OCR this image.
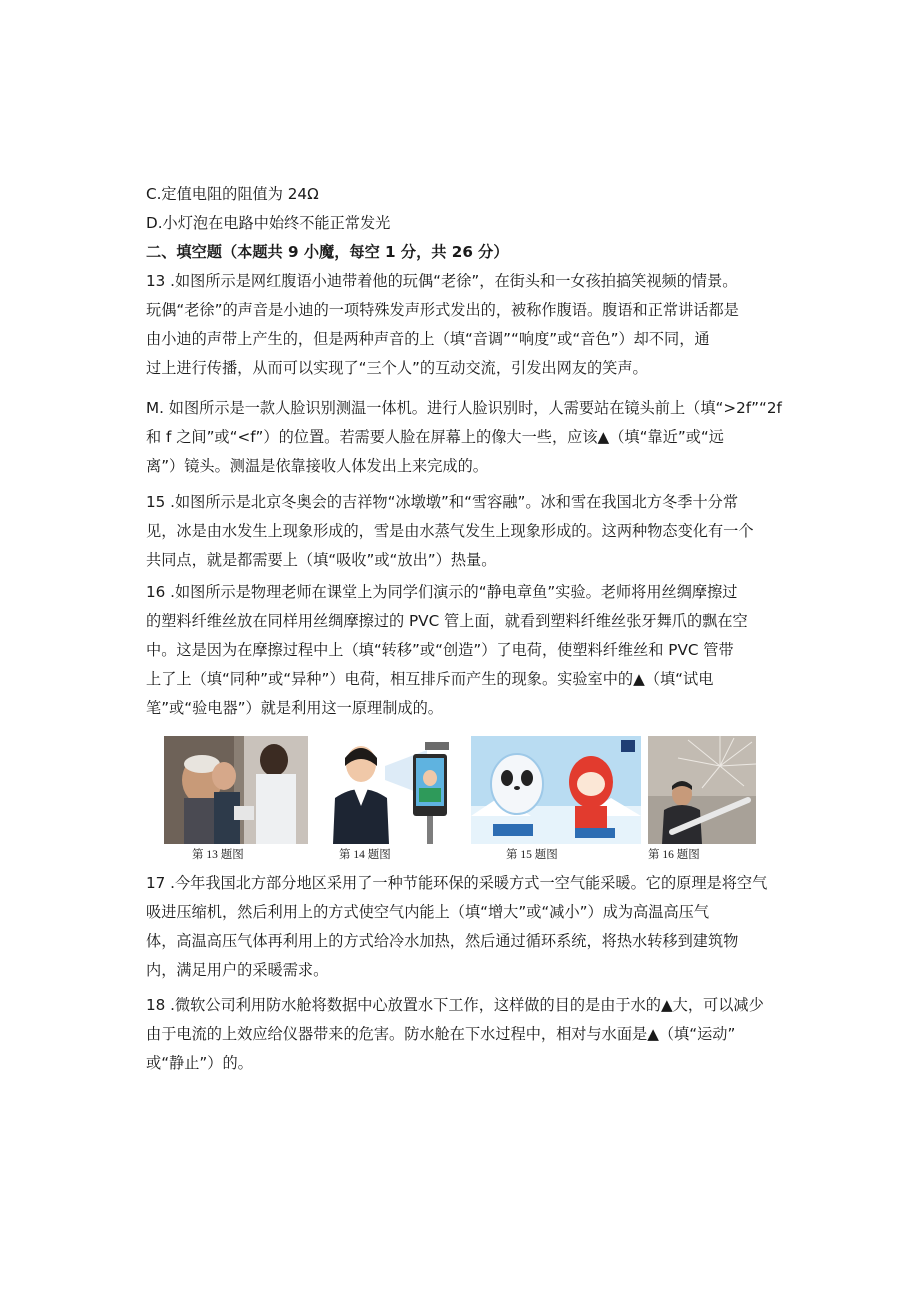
C.定值电阻的阻值为 24Ω
D.小灯泡在电路中始终不能正常发光
二、填空题（本题共 9 小魔，每空 1 分，共 26 分）
13 .如图所示是网红腹语小迪带着他的玩偶“老徐”，在街头和一女孩拍搞笑视频的情景。
玩偶“老徐”的声音是小迪的一项特殊发声形式发出的，被称作腹语。腹语和正常讲话都是
由小迪的声带上产生的，但是两种声音的上（填“音调”“响度”或“音色”）却不同，通
过上进行传播，从而可以实现了“三个人”的互动交流，引发出网友的笑声。
M. 如图所示是一款人脸识别测温一体机。进行人脸识别时，人需要站在镜头前上（填“>2f”“2f
和 f 之间”或“<f”）的位置。若需要人脸在屏幕上的像大一些，应该▲（填“靠近”或“远
离”）镜头。测温是依靠接收人体发出上来完成的。
15 .如图所示是北京冬奥会的吉祥物“冰墩墩”和“雪容融”。冰和雪在我国北方冬季十分常
见，冰是由水发生上现象形成的，雪是由水蒸气发生上现象形成的。这两种物态变化有一个
共同点，就是都需要上（填“吸收”或“放出”）热量。
16 .如图所示是物理老师在课堂上为同学们演示的“静电章鱼”实验。老师将用丝绸摩擦过
的塑料纤维丝放在同样用丝绸摩擦过的 PVC 管上面，就看到塑料纤维丝张牙舞爪的飘在空
中。这是因为在摩擦过程中上（填“转移”或“创造”）了电荷，使塑料纤维丝和 PVC 管带
上了上（填“同种”或“异种”）电荷，相互排斥而产生的现象。实验室中的▲（填“试电
笔”或“验电器”）就是利用这一原理制成的。
第 13 题图	第 14 题图	第 15 题图	第 16 题图
17 .今年我国北方部分地区采用了一种节能环保的采暖方式一空气能采暖。它的原理是将空气
吸进压缩机，然后利用上的方式使空气内能上（填“增大”或“减小”）成为高温高压气
体，高温高压气体再利用上的方式给冷水加热，然后通过循环系统，将热水转移到建筑物
内，满足用户的采暖需求。
18 .微软公司利用防水舱将数据中心放置水下工作，这样做的目的是由于水的▲大，可以减少
由于电流的上效应给仪器带来的危害。防水舱在下水过程中，相对与水面是▲（填“运动”
或“静止”）的。
